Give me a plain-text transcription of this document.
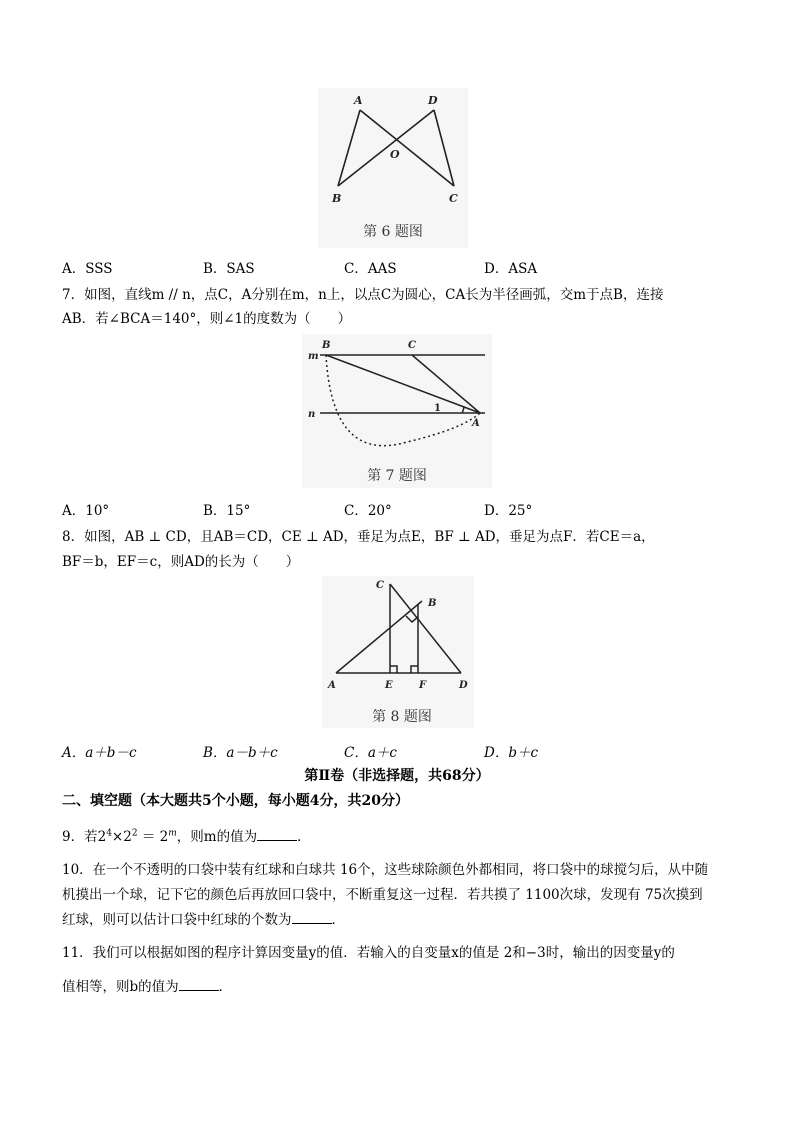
A	D
O
B	C
第 6 题图
A．SSS	B．SAS	C．AAS	D．ASA
7．如图，直线m // n，点C，A分别在m，n上，以点C为圆心，CA长为半径画弧，交m于点B，连接
AB．若∠BCA＝140°，则∠1的度数为（　　）
m
n
B	C
A
1
第 7 题图
A．10°	B．15°	C．20°	D．25°
8．如图，AB ⊥ CD，且AB＝CD，CE ⊥ AD，垂足为点E，BF ⊥ AD，垂足为点F．若CE＝a，
BF＝b，EF＝c，则AD的长为（　　）
C
B
A	E	F	D
第 8 题图
A．a＋b－c	B．a－b＋c	C．a＋c	D．b＋c
第Ⅱ卷（非选择题，共68分）
二、填空题（本大题共5个小题，每小题4分，共20分）
9．若$2^4\times 2^2 = 2^m$，则m的值为	．
10．在一个不透明的口袋中装有红球和白球共 16个，这些球除颜色外都相同，将口袋中的球搅匀后，从中随
机摸出一个球，记下它的颜色后再放回口袋中，不断重复这一过程．若共摸了 1100次球，发现有 75次摸到
红球，则可以估计口袋中红球的个数为	．
11．我们可以根据如图的程序计算因变量y的值．若输入的自变量x的值是 2和−3时，输出的因变量y的
值相等，则b的值为	．
